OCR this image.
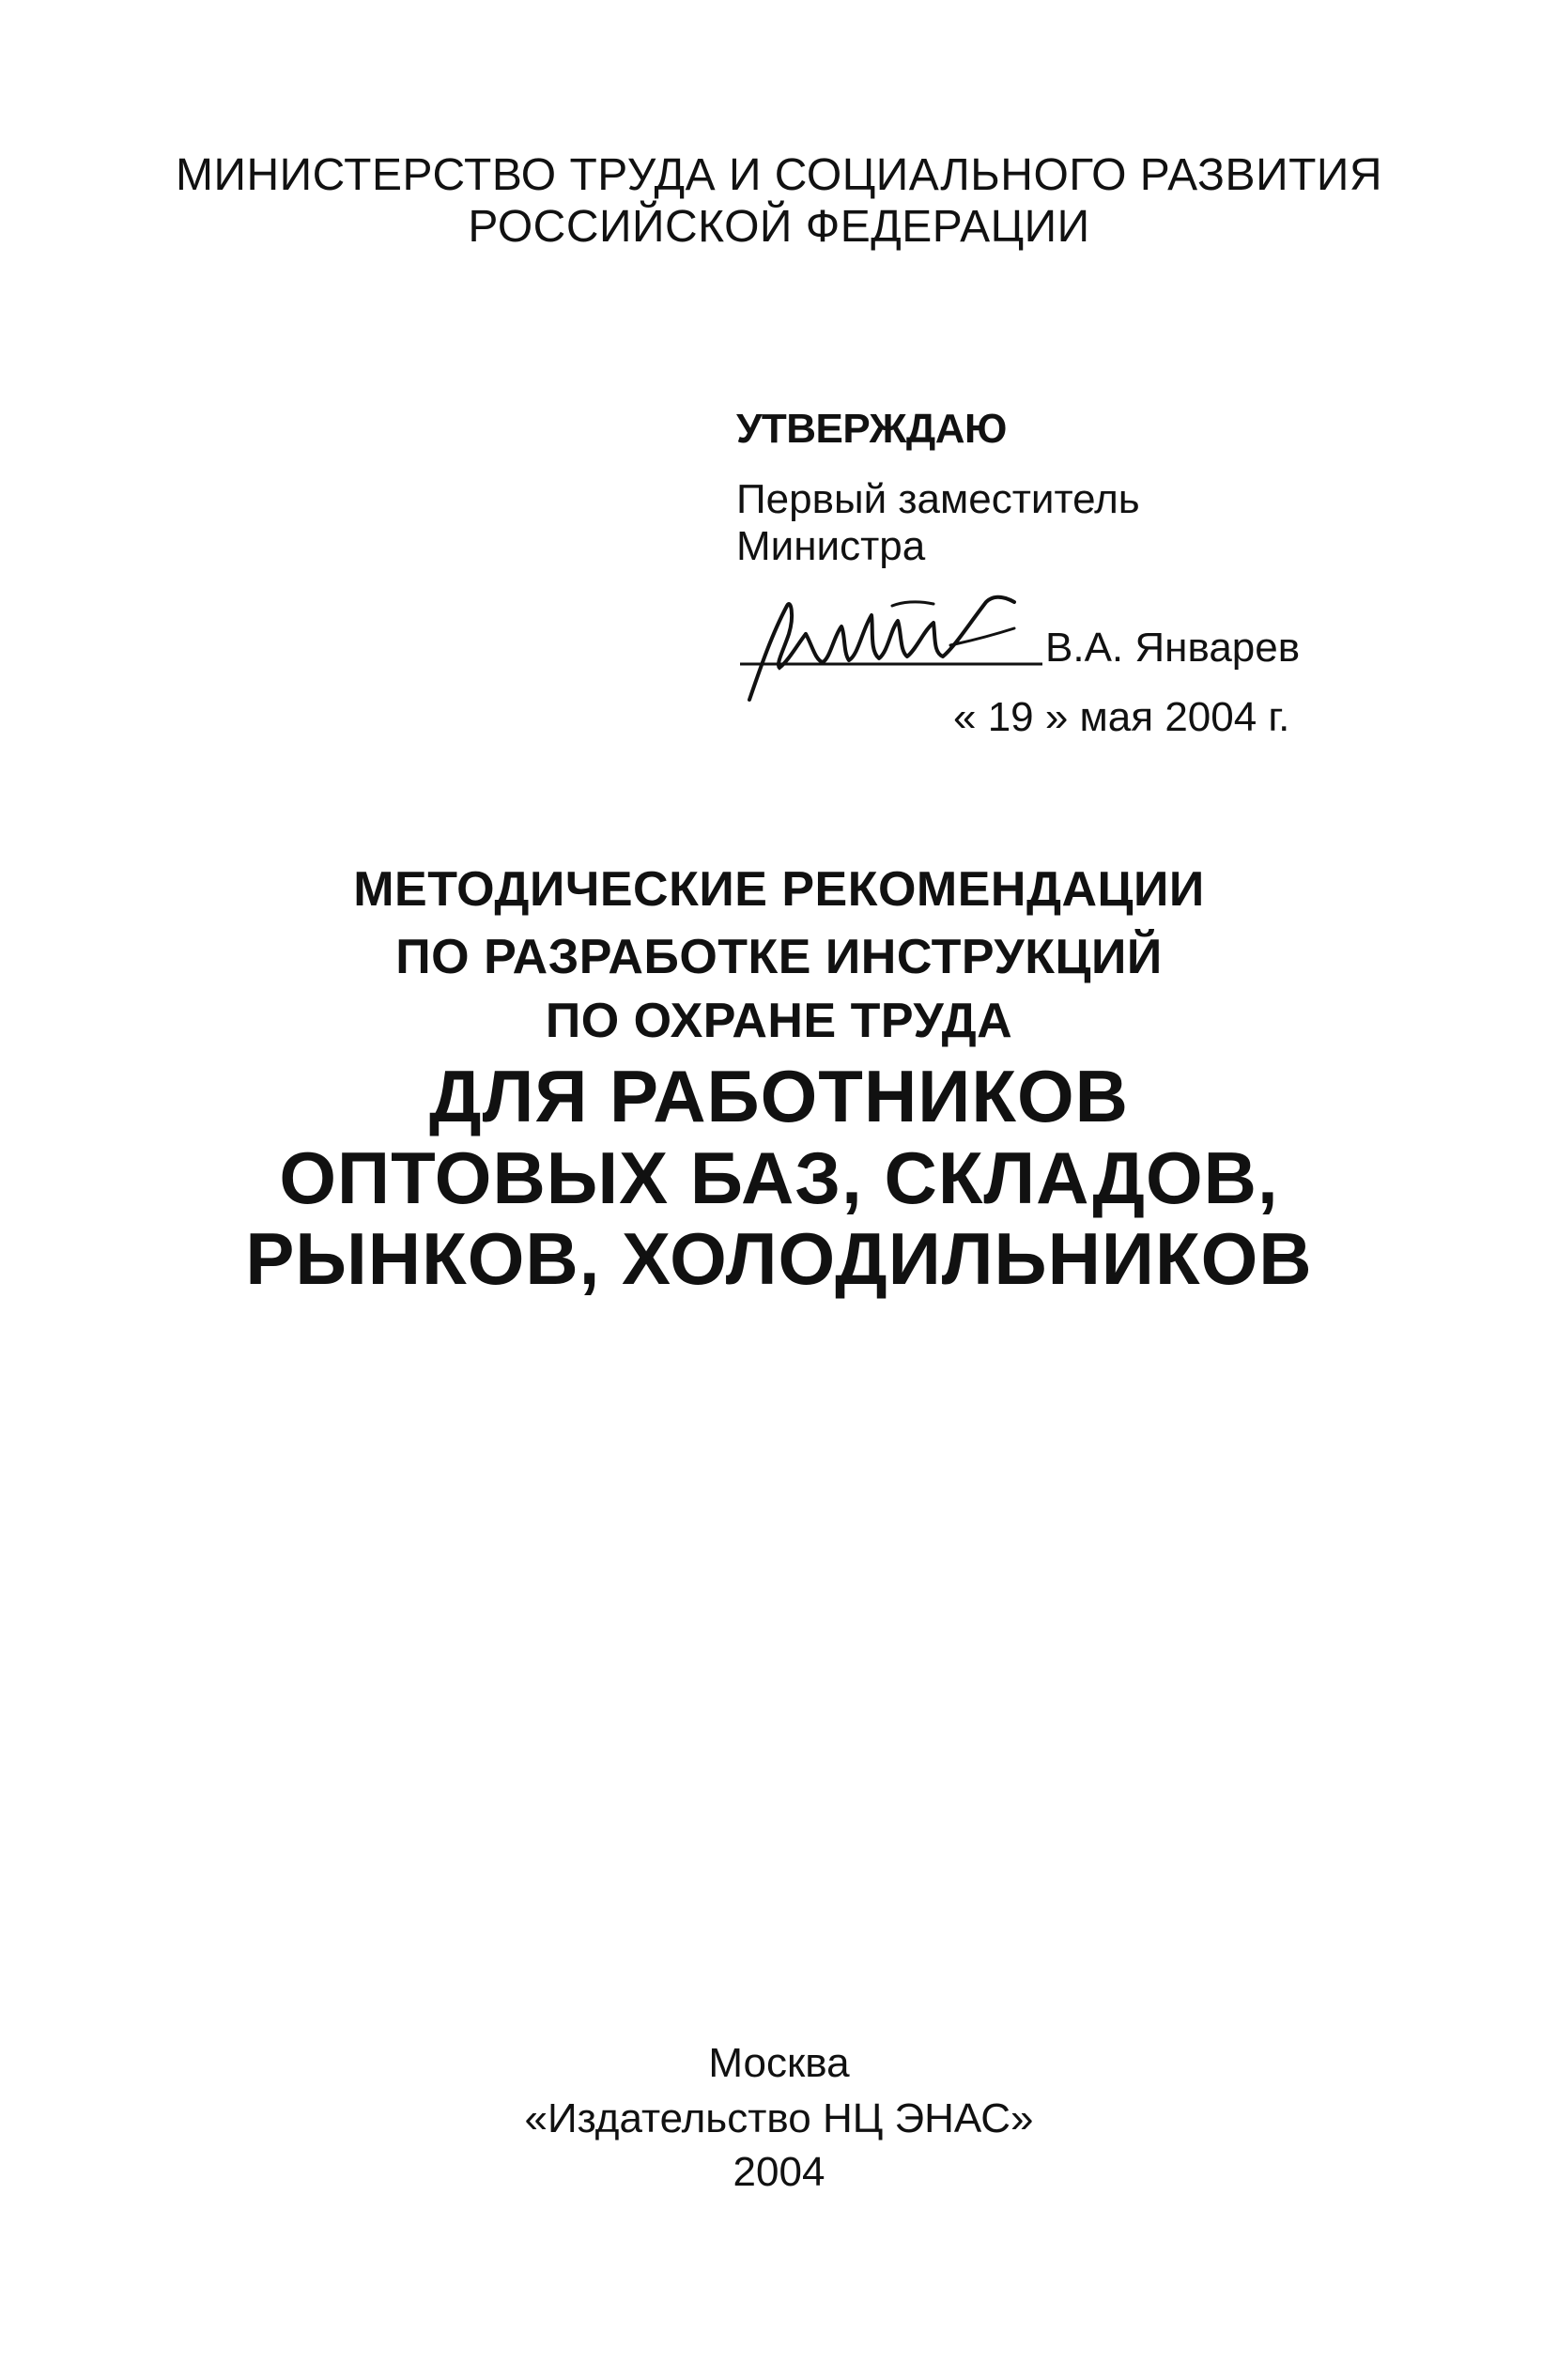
МИНИСТЕРСТВО ТРУДА И СОЦИАЛЬНОГО РАЗВИТИЯ
РОССИЙСКОЙ ФЕДЕРАЦИИ
УТВЕРЖДАЮ
Первый заместитель
Министра
В.А. Январев
« 19 » мая 2004 г.
МЕТОДИЧЕСКИЕ РЕКОМЕНДАЦИИ
ПО РАЗРАБОТКЕ ИНСТРУКЦИЙ
ПО ОХРАНЕ ТРУДА
ДЛЯ РАБОТНИКОВ
ОПТОВЫХ БАЗ, СКЛАДОВ,
РЫНКОВ, ХОЛОДИЛЬНИКОВ
Москва
«Издательство НЦ ЭНАС»
2004
